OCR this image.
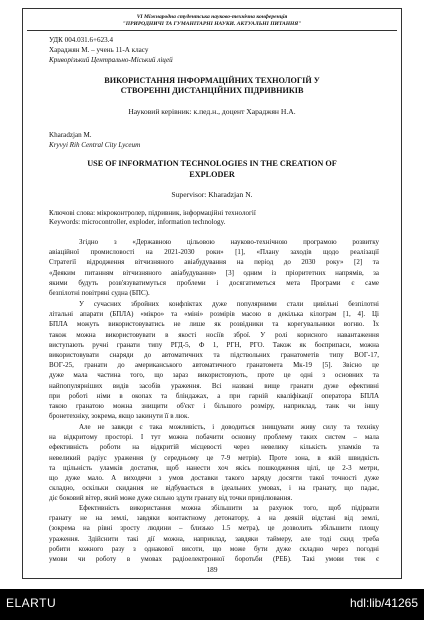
VI Міжнародна студентська науково-технічна конференція
"ПРИРОДНИЧІ ТА ГУМАНІТАРНІ НАУКИ. АКТУАЛЬНІ ПИТАННЯ"
УДК 004.031.6+623.4
Хараджян М. – учень 11-А класу
Криворізький Центрально-Міський ліцей
ВИКОРИСТАННЯ ІНФОРМАЦІЙНИХ ТЕХНОЛОГІЙ У
СТВОРЕННІ ДИСТАНЦІЙНИХ ПІДРИВНИКІВ
Науковий керівник: к.пед.н., доцент Хараджян Н.А.
Kharadzjan M.
Kryvyi Rih Central City Lyceum
USE OF INFORMATION TECHNOLOGIES IN THE CREATION OF
EXPLODER
Supervisor: Kharadzjan N.
Ключові слова: мікроконтролер, підривник, інформаційні технології
Keywords: microcontroller, exploder, information technology.
Згідно з «Державною цільовою науково-технічною програмою розвитку
авіаційної промисловості на 2021-2030 роки» [1], «Плану заходів щодо реалізації
Стратегії відродження вітчизняного авіабудування на період до 2030 року» [2] та
«Деяким питанням вітчизняного авіабудування» [3] одним із пріоритетних напрямів, за
якими будуть розв'язуватимуться проблеми і досягатиметься мета Програми є саме
безпілотні повітряні судна (БПС).
У сучасних збройних конфліктах дуже популярними стали цивільні безпілотні
літальні апарати (БПЛА) «мікро» та «міні» розмірів масою в декілька кілограм [1, 4]. Ці
БПЛА можуть використовуватись не лише як розвідники та корегувальники вогню. Їх
також можна використовувати в якості носіїв зброї. У ролі корисного навантаження
виступають ручні гранати типу РГД-5, Ф 1, РГН, РГО. Також як боєприпаси, можна
використовувати снаряди до автоматичних та підствольних гранатометів типу ВОГ-17,
ВОГ-25, гранати до американського автоматичного гранатомета Мк-19 [5]. Звісно це
дуже мала частина того, що зараз використовують, проте це одні з основних та
найпопулярніших видів засобів ураження. Всі названі вище гранати дуже ефективні
при роботі німи в окопах та бліндажах, а при гарній кваліфікації оператора БПЛА
такою гранатою можна знищити об'єкт і більшого розміру, наприклад, танк чи іншу
бронетехніку, зокрема, якщо закинути її в люк.
Але не завжди є така можливість, і доводиться знищувати живу силу та техніку
на відкритому просторі. І тут можна побачити основну проблему таких систем – мала
ефективність роботи на відкритій місцевості через невелику кількість уламків та
невеликий радіус ураження (у середньому це 7-9 метрів). Проте зона, в якій швидкість
та щільність уламків достатня, щоб нанести хоч якісь пошкодження цілі, це 2-3 метри,
що дуже мало. А виходячи з умов доставки такого заряду досягти такої точності дуже
складно, оскільки скидання не відбувається в ідеальних умовах, і на гранату, що падає,
діє боковий вітер, який може дуже сильно здути гранату від точки прицілювання.
Ефективність використання можна збільшити за рахунок того, щоб підірвати
гранату не на землі, завдяки контактному детонатору, а на деякій відстані від землі,
(зокрема на рівні зросту людини – близько 1.5 метра), це дозволить збільшити площу
ураження. Здійснити такі дії можна, наприклад, завдяки таймеру, але тоді скид треба
робити кожного разу з однакової висоти, що може бути дуже складно через погодні
умови чи роботу в умовах радіоелектронної боротьби (РЕБ). Такі умови теж є
189
ELARTU	hdl:lib/41265
